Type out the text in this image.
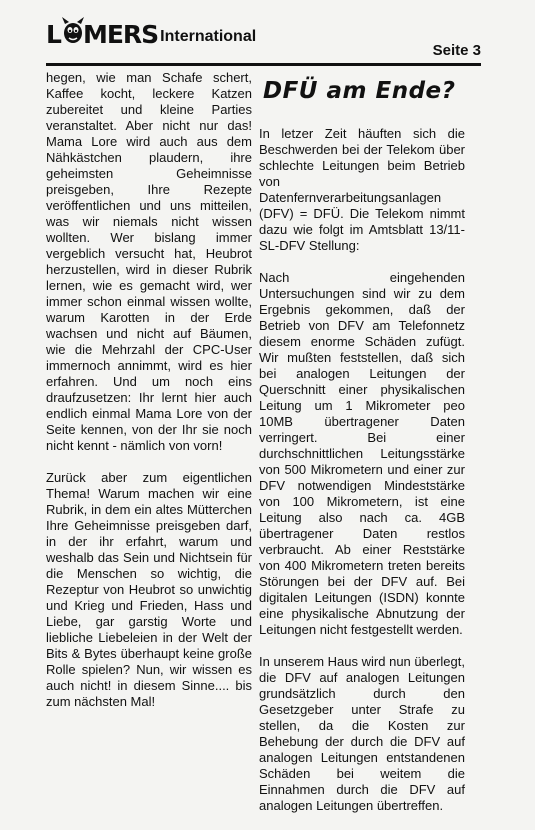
L MERS International
Seite 3

hegen, wie man Schafe schert, Kaffee kocht, leckere Katzen zubereitet und kleine Parties veranstaltet. Aber nicht nur das! Mama Lore wird auch aus dem Nähkästchen plaudern, ihre geheimsten Geheimnisse preisgeben, Ihre Rezepte veröffentlichen und uns mitteilen, was wir niemals nicht wissen wollten. Wer bislang immer vergeblich versucht hat, Heubrot herzustellen, wird in dieser Rubrik lernen, wie es gemacht wird, wer immer schon einmal wissen wollte, warum Karotten in der Erde wachsen und nicht auf Bäumen, wie die Mehrzahl der CPC-User immernoch annimmt, wird es hier erfahren. Und um noch eins draufzusetzen: Ihr lernt hier auch endlich einmal Mama Lore von der Seite kennen, von der Ihr sie noch nicht kennt - nämlich von vorn!

Zurück aber zum eigentlichen Thema! Warum machen wir eine Rubrik, in dem ein altes Mütterchen Ihre Geheimnisse preisgeben darf, in der ihr erfahrt, warum und weshalb das Sein und Nichtsein für die Menschen so wichtig, die Rezeptur von Heubrot so unwichtig und Krieg und Frieden, Hass und Liebe, gar garstig Worte und liebliche Liebeleien in der Welt der Bits & Bytes überhaupt keine große Rolle spielen? Nun, wir wissen es auch nicht! in diesem Sinne.... bis zum nächsten Mal!

DFÜ am Ende?

In letzer Zeit häuften sich die Beschwerden bei der Telekom über schlechte Leitungen beim Betrieb von Datenfernverarbeitungsanlagen (DFV) = DFÜ. Die Telekom nimmt dazu wie folgt im Amtsblatt 13/11-SL-DFV Stellung:

Nach eingehenden Untersuchungen sind wir zu dem Ergebnis gekommen, daß der Betrieb von DFV am Telefonnetz diesem enorme Schäden zufügt. Wir mußten feststellen, daß sich bei analogen Leitungen der Querschnitt einer physikalischen Leitung um 1 Mikrometer peo 10MB übertragener Daten verringert. Bei einer durchschnittlichen Leitungsstärke von 500 Mikrometern und einer zur DFV notwendigen Mindeststärke von 100 Mikrometern, ist eine Leitung also nach ca. 4GB übertragener Daten restlos verbraucht. Ab einer Reststärke von 400 Mikrometern treten bereits Störungen bei der DFV auf. Bei digitalen Leitungen (ISDN) konnte eine physikalische Abnutzung der Leitungen nicht festgestellt werden.

In unserem Haus wird nun überlegt, die DFV auf analogen Leitungen grundsätzlich durch den Gesetzgeber unter Strafe zu stellen, da die Kosten zur Behebung der durch die DFV auf analogen Leitungen entstandenen Schäden bei weitem die Einnahmen durch die DFV auf analogen Leitungen übertreffen.
